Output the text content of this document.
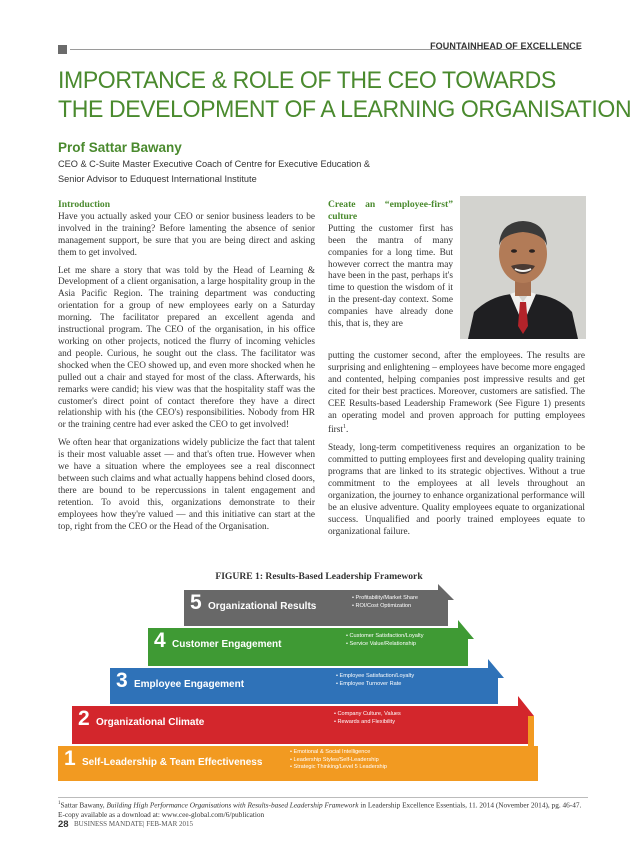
FOUNTAINHEAD OF EXCELLENCE
IMPORTANCE & ROLE OF THE CEO TOWARDS
THE DEVELOPMENT OF A LEARNING ORGANISATION
Prof Sattar Bawany
CEO & C-Suite Master Executive Coach of Centre for Executive Education &
Senior Advisor to Eduquest International Institute
Introduction

Have you actually asked your CEO or senior business leaders to be involved in the training? Before lamenting the absence of senior management support, be sure that you are being direct and asking them to get involved.

Let me share a story that was told by the Head of Learning & Development of a client organisation, a large hospitality group in the Asia Pacific Region. The training department was conducting orientation for a group of new employees early on a Saturday morning. The facilitator prepared an excellent agenda and instructional program. The CEO of the organisation, in his office working on other projects, noticed the flurry of incoming vehicles and people. Curious, he sought out the class. The facilitator was shocked when the CEO showed up, and even more shocked when he pulled out a chair and stayed for most of the class. Afterwards, his remarks were candid; his view was that the hospitality staff was the customer's direct point of contact therefore they have a direct relationship with his (the CEO's) responsibilities. Nobody from HR or the training centre had ever asked the CEO to get involved!

We often hear that organizations widely publicize the fact that talent is their most valuable asset — and that's often true. However when we have a situation where the employees see a real disconnect between such claims and what actually happens behind closed doors, there are bound to be repercussions in talent engagement and retention. To avoid this, organizations demonstrate to their employees how they're valued — and this initiative can start at the top, right from the CEO or the Head of the Organisation.

Create an “employee-first” culture

Putting the customer first has been the mantra of many companies for a long time. But however correct the mantra may have been in the past, perhaps it's time to question the wisdom of it in the present-day context. Some companies have already done this, that is, they are

putting the customer second, after the employees. The results are surprising and enlightening – employees have become more engaged and contented, helping companies post impressive results and get cited for their best practices. Moreover, customers are satisfied. The CEE Results-based Leadership Framework (See Figure 1) presents an operating model and proven approach for putting employees first$^1$.

Steady, long-term competitiveness requires an organization to be committed to putting employees first and developing quality training programs that are linked to its strategic objectives. Without a true commitment to the employees at all levels throughout an organization, the journey to enhance organizational performance will be an elusive adventure. Quality employees equate to organizational success. Unqualified and poorly trained employees equate to organizational failure.

FIGURE 1: Results-Based Leadership Framework
5 Organizational Results
• Profitability/Market Share
• ROI/Cost Optimization
4 Customer Engagement
• Customer Satisfaction/Loyalty
• Service Value/Relationship
3 Employee Engagement
• Employee Satisfaction/Loyalty
• Employee Turnover Rate
2 Organizational Climate
• Company Culture, Values
• Rewards and Flexibility
1 Self-Leadership & Team Effectiveness
• Emotional & Social Intelligence
• Leadership Styles/Self-Leadership
• Strategic Thinking/Level 5 Leadership
$^1$Sattar Bawany, Building High Performance Organisations with Results-based Leadership Framework in Leadership Excellence Essentials, 11. 2014 (November 2014), pg. 46-47. E-copy available as a download at: www.cee-global.com/6/publication
28 BUSINESS MANDATE| FEB-MAR 2015
